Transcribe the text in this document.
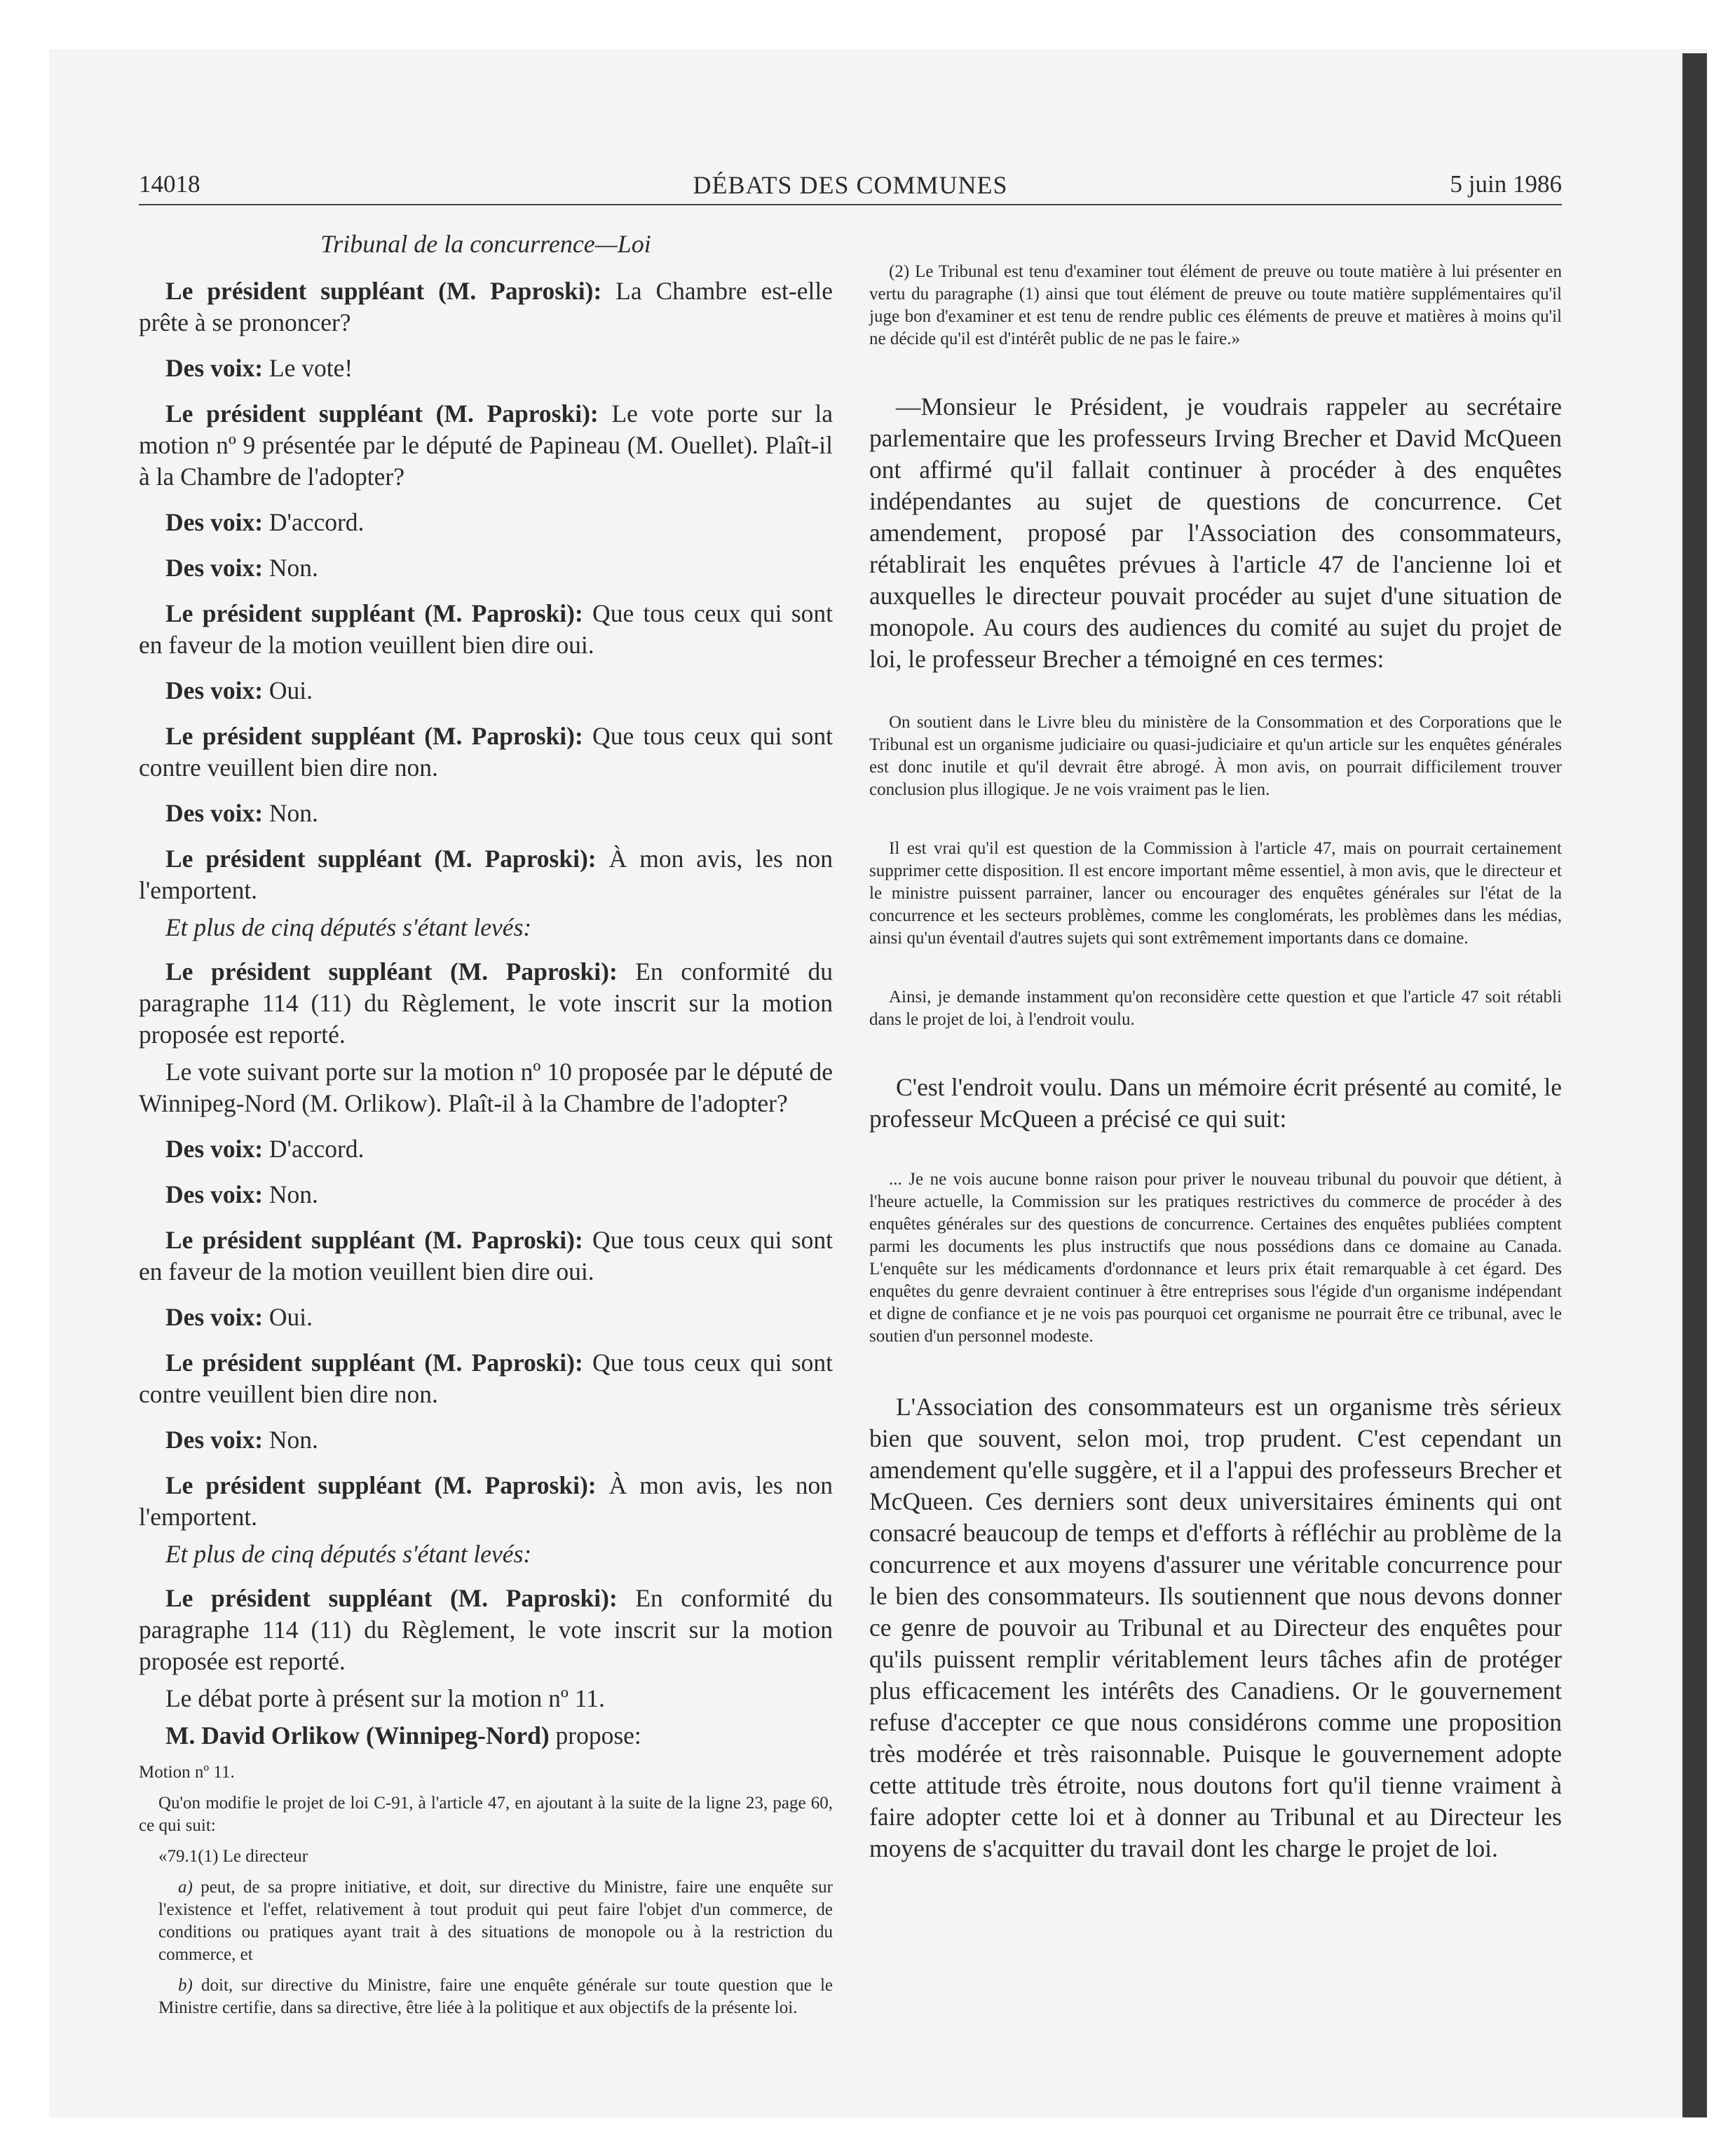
14018	DÉBATS DES COMMUNES	5 juin 1986

Tribunal de la concurrence—Loi

Le président suppléant (M. Paproski): La Chambre est-elle prête à se prononcer?

Des voix: Le vote!

Le président suppléant (M. Paproski): Le vote porte sur la motion nº 9 présentée par le député de Papineau (M. Ouellet). Plaît-il à la Chambre de l'adopter?

Des voix: D'accord.

Des voix: Non.

Le président suppléant (M. Paproski): Que tous ceux qui sont en faveur de la motion veuillent bien dire oui.

Des voix: Oui.

Le président suppléant (M. Paproski): Que tous ceux qui sont contre veuillent bien dire non.

Des voix: Non.

Le président suppléant (M. Paproski): À mon avis, les non l'emportent.

Et plus de cinq députés s'étant levés:

Le président suppléant (M. Paproski): En conformité du paragraphe 114 (11) du Règlement, le vote inscrit sur la motion proposée est reporté.

Le vote suivant porte sur la motion nº 10 proposée par le député de Winnipeg-Nord (M. Orlikow). Plaît-il à la Chambre de l'adopter?

Des voix: D'accord.

Des voix: Non.

Le président suppléant (M. Paproski): Que tous ceux qui sont en faveur de la motion veuillent bien dire oui.

Des voix: Oui.

Le président suppléant (M. Paproski): Que tous ceux qui sont contre veuillent bien dire non.

Des voix: Non.

Le président suppléant (M. Paproski): À mon avis, les non l'emportent.

Et plus de cinq députés s'étant levés:

Le président suppléant (M. Paproski): En conformité du paragraphe 114 (11) du Règlement, le vote inscrit sur la motion proposée est reporté.

Le débat porte à présent sur la motion nº 11.

M. David Orlikow (Winnipeg-Nord) propose:

Motion nº 11.

Qu'on modifie le projet de loi C-91, à l'article 47, en ajoutant à la suite de la ligne 23, page 60, ce qui suit:

«79.1(1) Le directeur

a) peut, de sa propre initiative, et doit, sur directive du Ministre, faire une enquête sur l'existence et l'effet, relativement à tout produit qui peut faire l'objet d'un commerce, de conditions ou pratiques ayant trait à des situations de monopole ou à la restriction du commerce, et

b) doit, sur directive du Ministre, faire une enquête générale sur toute question que le Ministre certifie, dans sa directive, être liée à la politique et aux objectifs de la présente loi.

(2) Le Tribunal est tenu d'examiner tout élément de preuve ou toute matière à lui présenter en vertu du paragraphe (1) ainsi que tout élément de preuve ou toute matière supplémentaires qu'il juge bon d'examiner et est tenu de rendre public ces éléments de preuve et matières à moins qu'il ne décide qu'il est d'intérêt public de ne pas le faire.»

—Monsieur le Président, je voudrais rappeler au secrétaire parlementaire que les professeurs Irving Brecher et David McQueen ont affirmé qu'il fallait continuer à procéder à des enquêtes indépendantes au sujet de questions de concurrence. Cet amendement, proposé par l'Association des consommateurs, rétablirait les enquêtes prévues à l'article 47 de l'ancienne loi et auxquelles le directeur pouvait procéder au sujet d'une situation de monopole. Au cours des audiences du comité au sujet du projet de loi, le professeur Brecher a témoigné en ces termes:

On soutient dans le Livre bleu du ministère de la Consommation et des Corporations que le Tribunal est un organisme judiciaire ou quasi-judiciaire et qu'un article sur les enquêtes générales est donc inutile et qu'il devrait être abrogé. À mon avis, on pourrait difficilement trouver conclusion plus illogique. Je ne vois vraiment pas le lien.

Il est vrai qu'il est question de la Commission à l'article 47, mais on pourrait certainement supprimer cette disposition. Il est encore important même essentiel, à mon avis, que le directeur et le ministre puissent parrainer, lancer ou encourager des enquêtes générales sur l'état de la concurrence et les secteurs problèmes, comme les conglomérats, les problèmes dans les médias, ainsi qu'un éventail d'autres sujets qui sont extrêmement importants dans ce domaine.

Ainsi, je demande instamment qu'on reconsidère cette question et que l'article 47 soit rétabli dans le projet de loi, à l'endroit voulu.

C'est l'endroit voulu. Dans un mémoire écrit présenté au comité, le professeur McQueen a précisé ce qui suit:

... Je ne vois aucune bonne raison pour priver le nouveau tribunal du pouvoir que détient, à l'heure actuelle, la Commission sur les pratiques restrictives du commerce de procéder à des enquêtes générales sur des questions de concurrence. Certaines des enquêtes publiées comptent parmi les documents les plus instructifs que nous possédions dans ce domaine au Canada. L'enquête sur les médicaments d'ordonnance et leurs prix était remarquable à cet égard. Des enquêtes du genre devraient continuer à être entreprises sous l'égide d'un organisme indépendant et digne de confiance et je ne vois pas pourquoi cet organisme ne pourrait être ce tribunal, avec le soutien d'un personnel modeste.

L'Association des consommateurs est un organisme très sérieux bien que souvent, selon moi, trop prudent. C'est cependant un amendement qu'elle suggère, et il a l'appui des professeurs Brecher et McQueen. Ces derniers sont deux universitaires éminents qui ont consacré beaucoup de temps et d'efforts à réfléchir au problème de la concurrence et aux moyens d'assurer une véritable concurrence pour le bien des consommateurs. Ils soutiennent que nous devons donner ce genre de pouvoir au Tribunal et au Directeur des enquêtes pour qu'ils puissent remplir véritablement leurs tâches afin de protéger plus efficacement les intérêts des Canadiens. Or le gouvernement refuse d'accepter ce que nous considérons comme une proposition très modérée et très raisonnable. Puisque le gouvernement adopte cette attitude très étroite, nous doutons fort qu'il tienne vraiment à faire adopter cette loi et à donner au Tribunal et au Directeur les moyens de s'acquitter du travail dont les charge le projet de loi.
